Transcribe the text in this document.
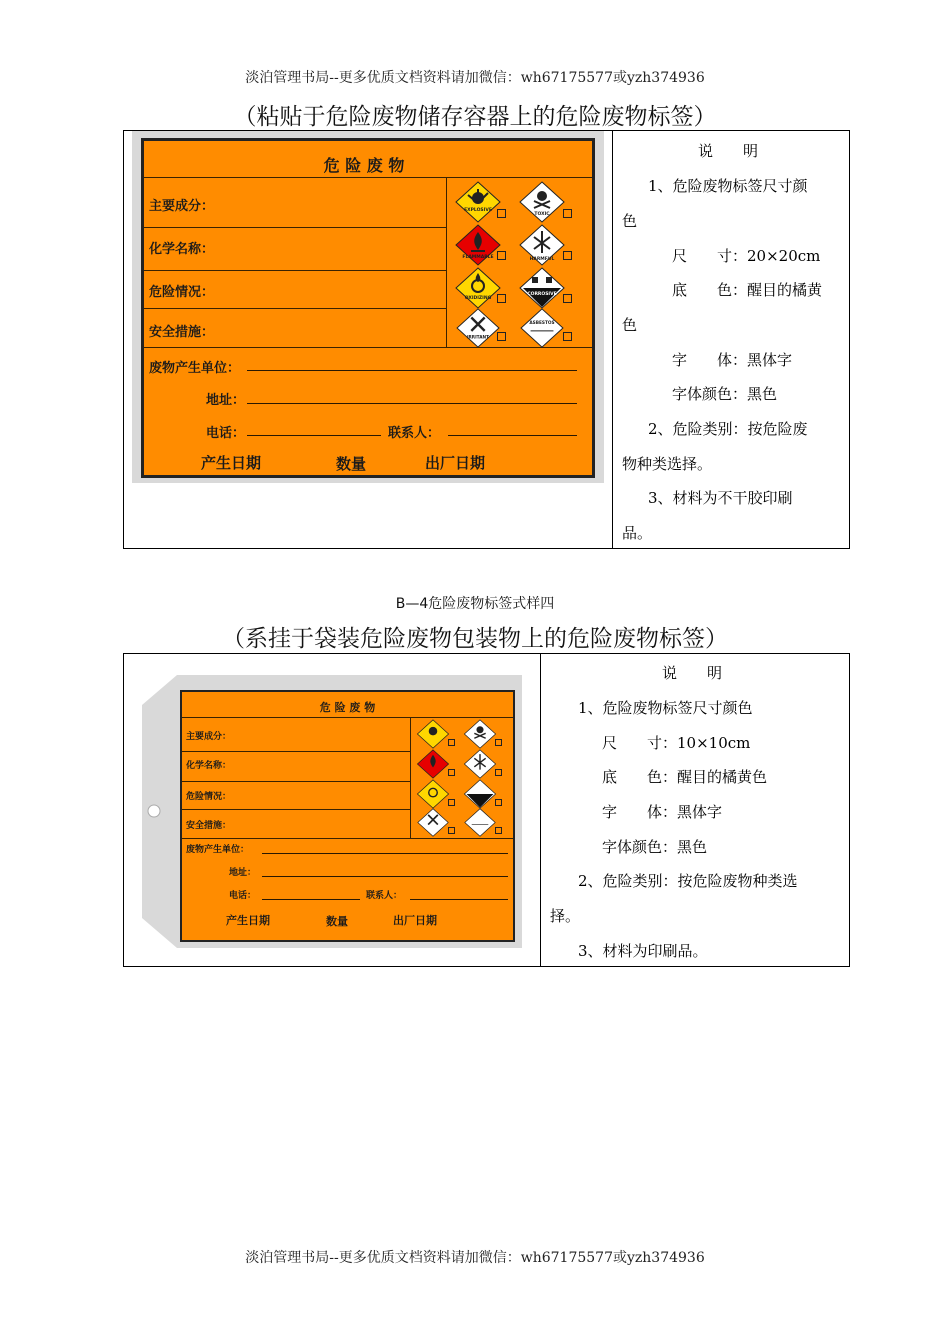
淡泊管理书局--更多优质文档资料请加微信：wh67175577或yzh374936
（粘贴于危险废物储存容器上的危险废物标签）
危 险 废 物
主要成分：
化学名称：
危险情况：
安全措施：
废物产生单位：
地址：
电话：	联系人：
产生日期	数量	出厂日期
EXPLOSIVE
TOXIC
FLAMMABLE	HARMFUL
OXIDIZING
CORROSIVE
IRRITANT
ASBESTOS
说　　明
1、危险废物标签尺寸颜
色
尺　　寸：20×20cm
底　　色：醒目的橘黄
色
字　　体：黑体字
字体颜色：黑色
2、危险类别：按危险废
物种类选择。
3、材料为不干胶印刷
品。
B—4危险废物标签式样四
（系挂于袋装危险废物包装物上的危险废物标签）
危 险 废 物
主要成分：
化学名称：
危险情况：
安全措施：
废物产生单位：
地址：
电话：	联系人：
产生日期	数量	出厂日期
说　　明
1、危险废物标签尺寸颜色
尺　　寸：10×10cm
底　　色：醒目的橘黄色
字　　体：黑体字
字体颜色：黑色
2、危险类别：按危险废物种类选
择。
3、材料为印刷品。
淡泊管理书局--更多优质文档资料请加微信：wh67175577或yzh374936
